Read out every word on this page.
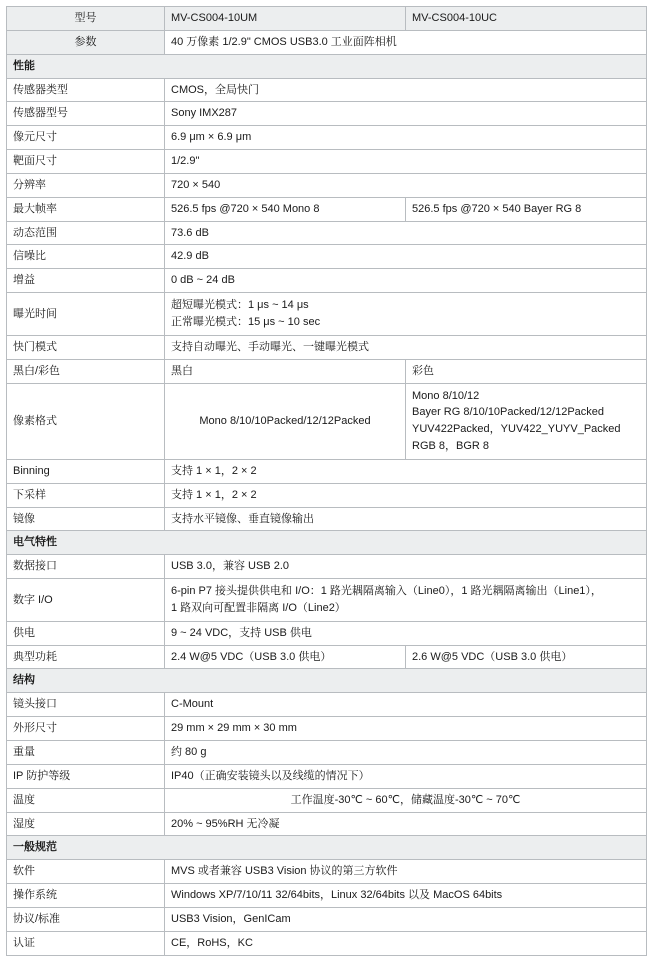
型号	MV-CS004-10UM	MV-CS004-10UC
参数	40 万像素 1/2.9" CMOS USB3.0 工业面阵相机	
性能		
传感器类型	CMOS，全局快门	
传感器型号	Sony IMX287	
像元尺寸	6.9 μm × 6.9 μm	
靶面尺寸	1/2.9"	
分辨率	720 × 540	
最大帧率	526.5 fps @720 × 540 Mono 8	526.5 fps @720 × 540 Bayer RG 8
动态范围	73.6 dB	
信噪比	42.9 dB	
增益	0 dB ~ 24 dB	
曝光时间	超短曝光模式：1 μs ~ 14 μs
正常曝光模式：15 μs ~ 10 sec	

快门模式	支持自动曝光、手动曝光、一键曝光模式	
黑白/彩色	黑白	彩色
像素格式	Mono 8/10/10Packed/12/12Packed	Mono 8/10/12
Bayer RG 8/10/10Packed/12/12Packed
YUV422Packed，YUV422_YUYV_Packed
RGB 8，BGR 8

Binning	支持 1 × 1，2 × 2	
下采样	支持 1 × 1，2 × 2	
镜像	支持水平镜像、垂直镜像输出	
电气特性		
数据接口	USB 3.0，兼容 USB 2.0	
数字 I/O	6-pin P7 接头提供供电和 I/O：1 路光耦隔离输入（Line0），1 路光耦隔离输出（Line1），
1 路双向可配置非隔离 I/O（Line2）	

供电	9 ~ 24 VDC，支持 USB 供电	
典型功耗	2.4 W@5 VDC（USB 3.0 供电）	2.6 W@5 VDC（USB 3.0 供电）
结构		
镜头接口	C-Mount	
外形尺寸	29 mm × 29 mm × 30 mm	
重量	约 80 g	
IP 防护等级	IP40（正确安装镜头以及线缆的情况下）	
温度	工作温度-30℃ ~ 60℃，储藏温度-30℃ ~ 70℃	
湿度	20% ~ 95%RH 无冷凝	
一般规范		
软件	MVS 或者兼容 USB3 Vision 协议的第三方软件	
操作系统	Windows XP/7/10/11 32/64bits，Linux 32/64bits 以及 MacOS 64bits	
协议/标准	USB3 Vision，GenICam	
认证	CE，RoHS，KC	
